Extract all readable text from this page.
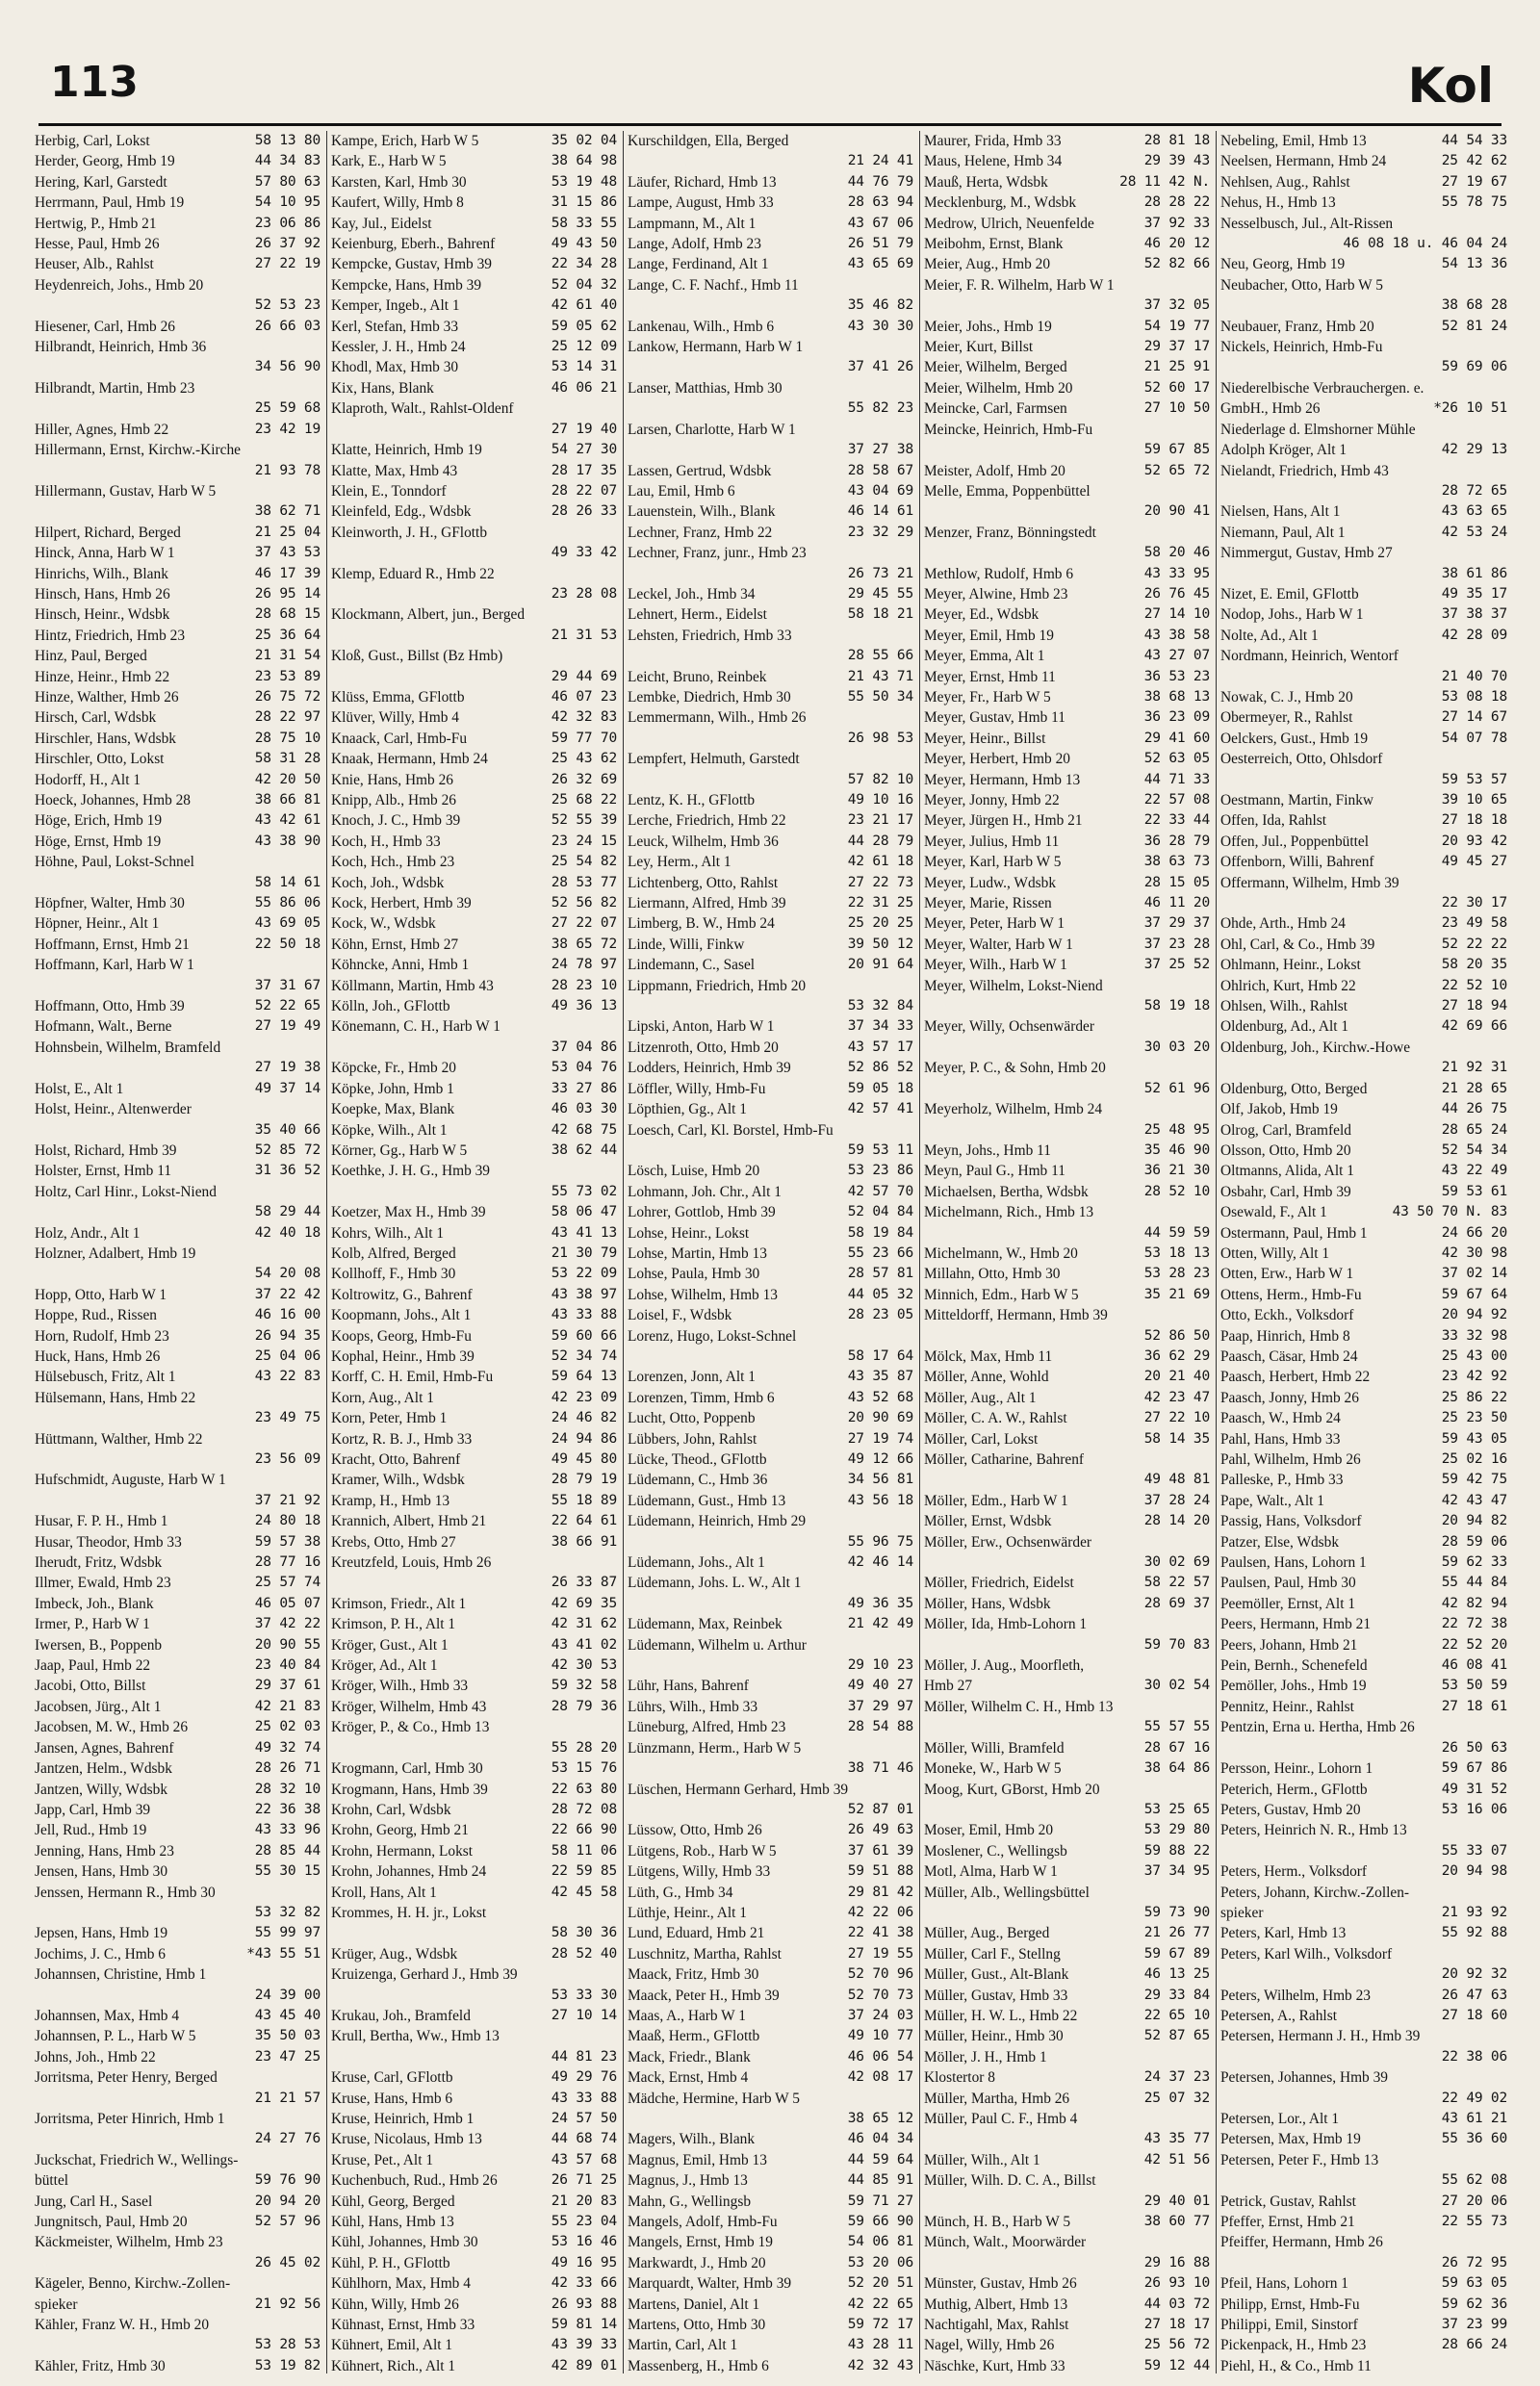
113	Kol
58 13 80
Herbig, Carl, Lokst
44 34 83
Herder, Georg, Hmb 19
57 80 63
Hering, Karl, Garstedt
54 10 95
Herrmann, Paul, Hmb 19
23 06 86
Hertwig, P., Hmb 21
26 37 92
Hesse, Paul, Hmb 26
27 22 19
Heuser, Alb., Rahlst
Heydenreich, Johs., Hmb 20
52 53 23
26 66 03
Hiesener, Carl, Hmb 26
Hilbrandt, Heinrich, Hmb 36
34 56 90
Hilbrandt, Martin, Hmb 23
25 59 68
23 42 19
Hiller, Agnes, Hmb 22
Hillermann, Ernst, Kirchw.-Kirche
21 93 78
Hillermann, Gustav, Harb W 5
38 62 71
21 25 04
Hilpert, Richard, Berged
37 43 53
Hinck, Anna, Harb W 1
46 17 39
Hinrichs, Wilh., Blank
26 95 14
Hinsch, Hans, Hmb 26
28 68 15
Hinsch, Heinr., Wdsbk
25 36 64
Hintz, Friedrich, Hmb 23
21 31 54
Hinz, Paul, Berged
23 53 89
Hinze, Heinr., Hmb 22
26 75 72
Hinze, Walther, Hmb 26
28 22 97
Hirsch, Carl, Wdsbk
28 75 10
Hirschler, Hans, Wdsbk
58 31 28
Hirschler, Otto, Lokst
42 20 50
Hodorff, H., Alt 1
38 66 81
Hoeck, Johannes, Hmb 28
43 42 61
Höge, Erich, Hmb 19
43 38 90
Höge, Ernst, Hmb 19
Höhne, Paul, Lokst-Schnel
58 14 61
55 86 06
Höpfner, Walter, Hmb 30
43 69 05
Höpner, Heinr., Alt 1
22 50 18
Hoffmann, Ernst, Hmb 21
Hoffmann, Karl, Harb W 1
37 31 67
52 22 65
Hoffmann, Otto, Hmb 39
27 19 49
Hofmann, Walt., Berne
Hohnsbein, Wilhelm, Bramfeld
27 19 38
49 37 14
Holst, E., Alt 1
Holst, Heinr., Altenwerder
35 40 66
52 85 72
Holst, Richard, Hmb 39
31 36 52
Holster, Ernst, Hmb 11
Holtz, Carl Hinr., Lokst-Niend
58 29 44
42 40 18
Holz, Andr., Alt 1
Holzner, Adalbert, Hmb 19
54 20 08
37 22 42
Hopp, Otto, Harb W 1
46 16 00
Hoppe, Rud., Rissen
26 94 35
Horn, Rudolf, Hmb 23
25 04 06
Huck, Hans, Hmb 26
43 22 83
Hülsebusch, Fritz, Alt 1
Hülsemann, Hans, Hmb 22
23 49 75
Hüttmann, Walther, Hmb 22
23 56 09
Hufschmidt, Auguste, Harb W 1
37 21 92
24 80 18
Husar, F. P. H., Hmb 1
59 57 38
Husar, Theodor, Hmb 33
28 77 16
Iherudt, Fritz, Wdsbk
25 57 74
Illmer, Ewald, Hmb 23
46 05 07
Imbeck, Joh., Blank
37 42 22
Irmer, P., Harb W 1
20 90 55
Iwersen, B., Poppenb
23 40 84
Jaap, Paul, Hmb 22
29 37 61
Jacobi, Otto, Billst
42 21 83
Jacobsen, Jürg., Alt 1
25 02 03
Jacobsen, M. W., Hmb 26
49 32 74
Jansen, Agnes, Bahrenf
28 26 71
Jantzen, Helm., Wdsbk
28 32 10
Jantzen, Willy, Wdsbk
22 36 38
Japp, Carl, Hmb 39
43 33 96
Jell, Rud., Hmb 19
28 85 44
Jenning, Hans, Hmb 23
55 30 15
Jensen, Hans, Hmb 30
Jenssen, Hermann R., Hmb 30
53 32 82
55 99 97
Jepsen, Hans, Hmb 19
*43 55 51
Jochims, J. C., Hmb 6
Johannsen, Christine, Hmb 1
24 39 00
43 45 40
Johannsen, Max, Hmb 4
35 50 03
Johannsen, P. L., Harb W 5
23 47 25
Johns, Joh., Hmb 22
Jorritsma, Peter Henry, Berged
21 21 57
Jorritsma, Peter Hinrich, Hmb 1
24 27 76
Juckschat, Friedrich W., Wellings-
59 76 90
büttel
20 94 20
Jung, Carl H., Sasel
52 57 96
Jungnitsch, Paul, Hmb 20
Käckmeister, Wilhelm, Hmb 23
26 45 02
Kägeler, Benno, Kirchw.-Zollen-
21 92 56
spieker
Kähler, Franz W. H., Hmb 20
53 28 53
53 19 82
Kähler, Fritz, Hmb 30
35 02 04
Kampe, Erich, Harb W 5
38 64 98
Kark, E., Harb W 5
53 19 48
Karsten, Karl, Hmb 30
31 15 86
Kaufert, Willy, Hmb 8
58 33 55
Kay, Jul., Eidelst
49 43 50
Keienburg, Eberh., Bahrenf
22 34 28
Kempcke, Gustav, Hmb 39
52 04 32
Kempcke, Hans, Hmb 39
42 61 40
Kemper, Ingeb., Alt 1
59 05 62
Kerl, Stefan, Hmb 33
25 12 09
Kessler, J. H., Hmb 24
53 14 31
Khodl, Max, Hmb 30
46 06 21
Kix, Hans, Blank
Klaproth, Walt., Rahlst-Oldenf
27 19 40
54 27 30
Klatte, Heinrich, Hmb 19
28 17 35
Klatte, Max, Hmb 43
28 22 07
Klein, E., Tonndorf
28 26 33
Kleinfeld, Edg., Wdsbk
Kleinworth, J. H., GFlottb
49 33 42
Klemp, Eduard R., Hmb 22
23 28 08
Klockmann, Albert, jun., Berged
21 31 53
Kloß, Gust., Billst (Bz Hmb)
29 44 69
46 07 23
Klüss, Emma, GFlottb
42 32 83
Klüver, Willy, Hmb 4
59 77 70
Knaack, Carl, Hmb-Fu
25 43 62
Knaak, Hermann, Hmb 24
26 32 69
Knie, Hans, Hmb 26
25 68 22
Knipp, Alb., Hmb 26
52 55 39
Knoch, J. C., Hmb 39
23 24 15
Koch, H., Hmb 33
25 54 82
Koch, Hch., Hmb 23
28 53 77
Koch, Joh., Wdsbk
52 56 82
Kock, Herbert, Hmb 39
27 22 07
Kock, W., Wdsbk
38 65 72
Köhn, Ernst, Hmb 27
24 78 97
Köhncke, Anni, Hmb 1
28 23 10
Köllmann, Martin, Hmb 43
49 36 13
Kölln, Joh., GFlottb
Könemann, C. H., Harb W 1
37 04 86
53 04 76
Köpcke, Fr., Hmb 20
33 27 86
Köpke, John, Hmb 1
46 03 30
Koepke, Max, Blank
42 68 75
Köpke, Wilh., Alt 1
38 62 44
Körner, Gg., Harb W 5
Koethke, J. H. G., Hmb 39
55 73 02
58 06 47
Koetzer, Max H., Hmb 39
43 41 13
Kohrs, Wilh., Alt 1
21 30 79
Kolb, Alfred, Berged
53 22 09
Kollhoff, F., Hmb 30
43 38 97
Koltrowitz, G., Bahrenf
43 33 88
Koopmann, Johs., Alt 1
59 60 66
Koops, Georg, Hmb-Fu
52 34 74
Kophal, Heinr., Hmb 39
59 64 13
Korff, C. H. Emil, Hmb-Fu
42 23 09
Korn, Aug., Alt 1
24 46 82
Korn, Peter, Hmb 1
24 94 86
Kortz, R. B. J., Hmb 33
49 45 80
Kracht, Otto, Bahrenf
28 79 19
Kramer, Wilh., Wdsbk
55 18 89
Kramp, H., Hmb 13
22 64 61
Krannich, Albert, Hmb 21
38 66 91
Krebs, Otto, Hmb 27
Kreutzfeld, Louis, Hmb 26
26 33 87
42 69 35
Krimson, Friedr., Alt 1
42 31 62
Krimson, P. H., Alt 1
43 41 02
Kröger, Gust., Alt 1
42 30 53
Kröger, Ad., Alt 1
59 32 58
Kröger, Wilh., Hmb 33
28 79 36
Kröger, Wilhelm, Hmb 43
Kröger, P., & Co., Hmb 13
55 28 20
53 15 76
Krogmann, Carl, Hmb 30
22 63 80
Krogmann, Hans, Hmb 39
28 72 08
Krohn, Carl, Wdsbk
22 66 90
Krohn, Georg, Hmb 21
58 11 06
Krohn, Hermann, Lokst
22 59 85
Krohn, Johannes, Hmb 24
42 45 58
Kroll, Hans, Alt 1
Krommes, H. H. jr., Lokst
58 30 36
28 52 40
Krüger, Aug., Wdsbk
Kruizenga, Gerhard J., Hmb 39
53 33 30
27 10 14
Krukau, Joh., Bramfeld
Krull, Bertha, Ww., Hmb 13
44 81 23
49 29 76
Kruse, Carl, GFlottb
43 33 88
Kruse, Hans, Hmb 6
24 57 50
Kruse, Heinrich, Hmb 1
44 68 74
Kruse, Nicolaus, Hmb 13
43 57 68
Kruse, Pet., Alt 1
26 71 25
Kuchenbuch, Rud., Hmb 26
21 20 83
Kühl, Georg, Berged
55 23 04
Kühl, Hans, Hmb 13
53 16 46
Kühl, Johannes, Hmb 30
49 16 95
Kühl, P. H., GFlottb
42 33 66
Kühlhorn, Max, Hmb 4
26 93 88
Kühn, Willy, Hmb 26
59 81 14
Kühnast, Ernst, Hmb 33
43 39 33
Kühnert, Emil, Alt 1
42 89 01
Kühnert, Rich., Alt 1
Kurschildgen, Ella, Berged
21 24 41
44 76 79
Läufer, Richard, Hmb 13
28 63 94
Lampe, August, Hmb 33
43 67 06
Lampmann, M., Alt 1
26 51 79
Lange, Adolf, Hmb 23
43 65 69
Lange, Ferdinand, Alt 1
Lange, C. F. Nachf., Hmb 11
35 46 82
43 30 30
Lankenau, Wilh., Hmb 6
Lankow, Hermann, Harb W 1
37 41 26
Lanser, Matthias, Hmb 30
55 82 23
Larsen, Charlotte, Harb W 1
37 27 38
28 58 67
Lassen, Gertrud, Wdsbk
43 04 69
Lau, Emil, Hmb 6
46 14 61
Lauenstein, Wilh., Blank
23 32 29
Lechner, Franz, Hmb 22
Lechner, Franz, junr., Hmb 23
26 73 21
29 45 55
Leckel, Joh., Hmb 34
58 18 21
Lehnert, Herm., Eidelst
Lehsten, Friedrich, Hmb 33
28 55 66
21 43 71
Leicht, Bruno, Reinbek
55 50 34
Lembke, Diedrich, Hmb 30
Lemmermann, Wilh., Hmb 26
26 98 53
Lempfert, Helmuth, Garstedt
57 82 10
49 10 16
Lentz, K. H., GFlottb
23 21 17
Lerche, Friedrich, Hmb 22
44 28 79
Leuck, Wilhelm, Hmb 36
42 61 18
Ley, Herm., Alt 1
27 22 73
Lichtenberg, Otto, Rahlst
22 31 25
Liermann, Alfred, Hmb 39
25 20 25
Limberg, B. W., Hmb 24
39 50 12
Linde, Willi, Finkw
20 91 64
Lindemann, C., Sasel
Lippmann, Friedrich, Hmb 20
53 32 84
37 34 33
Lipski, Anton, Harb W 1
43 57 17
Litzenroth, Otto, Hmb 20
52 86 52
Lodders, Heinrich, Hmb 39
59 05 18
Löffler, Willy, Hmb-Fu
42 57 41
Löpthien, Gg., Alt 1
Loesch, Carl, Kl. Borstel, Hmb-Fu
59 53 11
53 23 86
Lösch, Luise, Hmb 20
42 57 70
Lohmann, Joh. Chr., Alt 1
52 04 84
Lohrer, Gottlob, Hmb 39
58 19 84
Lohse, Heinr., Lokst
55 23 66
Lohse, Martin, Hmb 13
28 57 81
Lohse, Paula, Hmb 30
44 05 32
Lohse, Wilhelm, Hmb 13
28 23 05
Loisel, F., Wdsbk
Lorenz, Hugo, Lokst-Schnel
58 17 64
43 35 87
Lorenzen, Jonn, Alt 1
43 52 68
Lorenzen, Timm, Hmb 6
20 90 69
Lucht, Otto, Poppenb
27 19 74
Lübbers, John, Rahlst
49 12 66
Lücke, Theod., GFlottb
34 56 81
Lüdemann, C., Hmb 36
43 56 18
Lüdemann, Gust., Hmb 13
Lüdemann, Heinrich, Hmb 29
55 96 75
42 46 14
Lüdemann, Johs., Alt 1
Lüdemann, Johs. L. W., Alt 1
49 36 35
21 42 49
Lüdemann, Max, Reinbek
Lüdemann, Wilhelm u. Arthur
29 10 23
49 40 27
Lühr, Hans, Bahrenf
37 29 97
Lührs, Wilh., Hmb 33
28 54 88
Lüneburg, Alfred, Hmb 23
Lünzmann, Herm., Harb W 5
38 71 46
Lüschen, Hermann Gerhard, Hmb 39
52 87 01
26 49 63
Lüssow, Otto, Hmb 26
37 61 39
Lütgens, Rob., Harb W 5
59 51 88
Lütgens, Willy, Hmb 33
29 81 42
Lüth, G., Hmb 34
42 22 06
Lüthje, Heinr., Alt 1
22 41 38
Lund, Eduard, Hmb 21
27 19 55
Luschnitz, Martha, Rahlst
52 70 96
Maack, Fritz, Hmb 30
52 70 73
Maack, Peter H., Hmb 39
37 24 03
Maas, A., Harb W 1
49 10 77
Maaß, Herm., GFlottb
46 06 54
Mack, Friedr., Blank
42 08 17
Mack, Ernst, Hmb 4
Mädche, Hermine, Harb W 5
38 65 12
46 04 34
Magers, Wilh., Blank
44 59 64
Magnus, Emil, Hmb 13
44 85 91
Magnus, J., Hmb 13
59 71 27
Mahn, G., Wellingsb
59 66 90
Mangels, Adolf, Hmb-Fu
54 06 81
Mangels, Ernst, Hmb 19
53 20 06
Markwardt, J., Hmb 20
52 20 51
Marquardt, Walter, Hmb 39
42 22 65
Martens, Daniel, Alt 1
59 72 17
Martens, Otto, Hmb 30
43 28 11
Martin, Carl, Alt 1
42 32 43
Massenberg, H., Hmb 6
28 81 18
Maurer, Frida, Hmb 33
29 39 43
Maus, Helene, Hmb 34
28 11 42 N.
Mauß, Herta, Wdsbk
28 28 22
Mecklenburg, M., Wdsbk
37 92 33
Medrow, Ulrich, Neuenfelde
46 20 12
Meibohm, Ernst, Blank
52 82 66
Meier, Aug., Hmb 20
Meier, F. R. Wilhelm, Harb W 1
37 32 05
54 19 77
Meier, Johs., Hmb 19
29 37 17
Meier, Kurt, Billst
21 25 91
Meier, Wilhelm, Berged
52 60 17
Meier, Wilhelm, Hmb 20
27 10 50
Meincke, Carl, Farmsen
Meincke, Heinrich, Hmb-Fu
59 67 85
52 65 72
Meister, Adolf, Hmb 20
Melle, Emma, Poppenbüttel
20 90 41
Menzer, Franz, Bönningstedt
58 20 46
43 33 95
Methlow, Rudolf, Hmb 6
26 76 45
Meyer, Alwine, Hmb 23
27 14 10
Meyer, Ed., Wdsbk
43 38 58
Meyer, Emil, Hmb 19
43 27 07
Meyer, Emma, Alt 1
36 53 23
Meyer, Ernst, Hmb 11
38 68 13
Meyer, Fr., Harb W 5
36 23 09
Meyer, Gustav, Hmb 11
29 41 60
Meyer, Heinr., Billst
52 63 05
Meyer, Herbert, Hmb 20
44 71 33
Meyer, Hermann, Hmb 13
22 57 08
Meyer, Jonny, Hmb 22
22 33 44
Meyer, Jürgen H., Hmb 21
36 28 79
Meyer, Julius, Hmb 11
38 63 73
Meyer, Karl, Harb W 5
28 15 05
Meyer, Ludw., Wdsbk
46 11 20
Meyer, Marie, Rissen
37 29 37
Meyer, Peter, Harb W 1
37 23 28
Meyer, Walter, Harb W 1
37 25 52
Meyer, Wilh., Harb W 1
Meyer, Wilhelm, Lokst-Niend
58 19 18
Meyer, Willy, Ochsenwärder
30 03 20
Meyer, P. C., & Sohn, Hmb 20
52 61 96
Meyerholz, Wilhelm, Hmb 24
25 48 95
35 46 90
Meyn, Johs., Hmb 11
36 21 30
Meyn, Paul G., Hmb 11
28 52 10
Michaelsen, Bertha, Wdsbk
Michelmann, Rich., Hmb 13
44 59 59
53 18 13
Michelmann, W., Hmb 20
53 28 23
Millahn, Otto, Hmb 30
35 21 69
Minnich, Edm., Harb W 5
Mitteldorff, Hermann, Hmb 39
52 86 50
36 62 29
Mölck, Max, Hmb 11
20 21 40
Möller, Anne, Wohld
42 23 47
Möller, Aug., Alt 1
27 22 10
Möller, C. A. W., Rahlst
58 14 35
Möller, Carl, Lokst
Möller, Catharine, Bahrenf
49 48 81
37 28 24
Möller, Edm., Harb W 1
28 14 20
Möller, Ernst, Wdsbk
Möller, Erw., Ochsenwärder
30 02 69
58 22 57
Möller, Friedrich, Eidelst
28 69 37
Möller, Hans, Wdsbk
Möller, Ida, Hmb-Lohorn 1
59 70 83
Möller, J. Aug., Moorfleth,
30 02 54
Hmb 27
Möller, Wilhelm C. H., Hmb 13
55 57 55
28 67 16
Möller, Willi, Bramfeld
38 64 86
Moneke, W., Harb W 5
Moog, Kurt, GBorst, Hmb 20
53 25 65
53 29 80
Moser, Emil, Hmb 20
59 88 22
Moslener, C., Wellingsb
37 34 95
Motl, Alma, Harb W 1
Müller, Alb., Wellingsbüttel
59 73 90
21 26 77
Müller, Aug., Berged
59 67 89
Müller, Carl F., Stellng
46 13 25
Müller, Gust., Alt-Blank
29 33 84
Müller, Gustav, Hmb 33
22 65 10
Müller, H. W. L., Hmb 22
52 87 65
Müller, Heinr., Hmb 30
Möller, J. H., Hmb 1
24 37 23
Klostertor 8
25 07 32
Müller, Martha, Hmb 26
Müller, Paul C. F., Hmb 4
43 35 77
42 51 56
Müller, Wilh., Alt 1
Müller, Wilh. D. C. A., Billst
29 40 01
38 60 77
Münch, H. B., Harb W 5
Münch, Walt., Moorwärder
29 16 88
26 93 10
Münster, Gustav, Hmb 26
44 03 72
Muthig, Albert, Hmb 13
27 18 17
Nachtigahl, Max, Rahlst
25 56 72
Nagel, Willy, Hmb 26
59 12 44
Näschke, Kurt, Hmb 33
44 54 33
Nebeling, Emil, Hmb 13
25 42 62
Neelsen, Hermann, Hmb 24
27 19 67
Nehlsen, Aug., Rahlst
55 78 75
Nehus, H., Hmb 13
Nesselbusch, Jul., Alt-Rissen
46 08 18 u. 46 04 24
54 13 36
Neu, Georg, Hmb 19
Neubacher, Otto, Harb W 5
38 68 28
52 81 24
Neubauer, Franz, Hmb 20
Nickels, Heinrich, Hmb-Fu
59 69 06
Niederelbische Verbrauchergen. e.
*26 10 51
GmbH., Hmb 26
Niederlage d. Elmshorner Mühle
42 29 13
Adolph Kröger, Alt 1
Nielandt, Friedrich, Hmb 43
28 72 65
43 63 65
Nielsen, Hans, Alt 1
42 53 24
Niemann, Paul, Alt 1
Nimmergut, Gustav, Hmb 27
38 61 86
49 35 17
Nizet, E. Emil, GFlottb
37 38 37
Nodop, Johs., Harb W 1
42 28 09
Nolte, Ad., Alt 1
Nordmann, Heinrich, Wentorf
21 40 70
53 08 18
Nowak, C. J., Hmb 20
27 14 67
Obermeyer, R., Rahlst
54 07 78
Oelckers, Gust., Hmb 19
Oesterreich, Otto, Ohlsdorf
59 53 57
39 10 65
Oestmann, Martin, Finkw
27 18 18
Offen, Ida, Rahlst
20 93 42
Offen, Jul., Poppenbüttel
49 45 27
Offenborn, Willi, Bahrenf
Offermann, Wilhelm, Hmb 39
22 30 17
23 49 58
Ohde, Arth., Hmb 24
52 22 22
Ohl, Carl, & Co., Hmb 39
58 20 35
Ohlmann, Heinr., Lokst
22 52 10
Ohlrich, Kurt, Hmb 22
27 18 94
Ohlsen, Wilh., Rahlst
42 69 66
Oldenburg, Ad., Alt 1
Oldenburg, Joh., Kirchw.-Howe
21 92 31
21 28 65
Oldenburg, Otto, Berged
44 26 75
Olf, Jakob, Hmb 19
28 65 24
Olrog, Carl, Bramfeld
52 54 34
Olsson, Otto, Hmb 20
43 22 49
Oltmanns, Alida, Alt 1
59 53 61
Osbahr, Carl, Hmb 39
43 50 70 N. 83
Osewald, F., Alt 1
24 66 20
Ostermann, Paul, Hmb 1
42 30 98
Otten, Willy, Alt 1
37 02 14
Otten, Erw., Harb W 1
59 67 64
Ottens, Herm., Hmb-Fu
20 94 92
Otto, Eckh., Volksdorf
33 32 98
Paap, Hinrich, Hmb 8
25 43 00
Paasch, Cäsar, Hmb 24
23 42 92
Paasch, Herbert, Hmb 22
25 86 22
Paasch, Jonny, Hmb 26
25 23 50
Paasch, W., Hmb 24
59 43 05
Pahl, Hans, Hmb 33
25 02 16
Pahl, Wilhelm, Hmb 26
59 42 75
Palleske, P., Hmb 33
42 43 47
Pape, Walt., Alt 1
20 94 82
Passig, Hans, Volksdorf
28 59 06
Patzer, Else, Wdsbk
59 62 33
Paulsen, Hans, Lohorn 1
55 44 84
Paulsen, Paul, Hmb 30
42 82 94
Peemöller, Ernst, Alt 1
22 72 38
Peers, Hermann, Hmb 21
22 52 20
Peers, Johann, Hmb 21
46 08 41
Pein, Bernh., Schenefeld
53 50 59
Pemöller, Johs., Hmb 19
27 18 61
Pennitz, Heinr., Rahlst
Pentzin, Erna u. Hertha, Hmb 26
26 50 63
59 67 86
Persson, Heinr., Lohorn 1
49 31 52
Peterich, Herm., GFlottb
53 16 06
Peters, Gustav, Hmb 20
Peters, Heinrich N. R., Hmb 13
55 33 07
20 94 98
Peters, Herm., Volksdorf
Peters, Johann, Kirchw.-Zollen-
21 93 92
spieker
55 92 88
Peters, Karl, Hmb 13
Peters, Karl Wilh., Volksdorf
20 92 32
26 47 63
Peters, Wilhelm, Hmb 23
27 18 60
Petersen, A., Rahlst
Petersen, Hermann J. H., Hmb 39
22 38 06
Petersen, Johannes, Hmb 39
22 49 02
43 61 21
Petersen, Lor., Alt 1
55 36 60
Petersen, Max, Hmb 19
Petersen, Peter F., Hmb 13
55 62 08
27 20 06
Petrick, Gustav, Rahlst
22 55 73
Pfeffer, Ernst, Hmb 21
Pfeiffer, Hermann, Hmb 26
26 72 95
59 63 05
Pfeil, Hans, Lohorn 1
59 62 36
Philipp, Ernst, Hmb-Fu
37 23 99
Philippi, Emil, Sinstorf
28 66 24
Pickenpack, H., Hmb 23
Piehl, H., & Co., Hmb 11
